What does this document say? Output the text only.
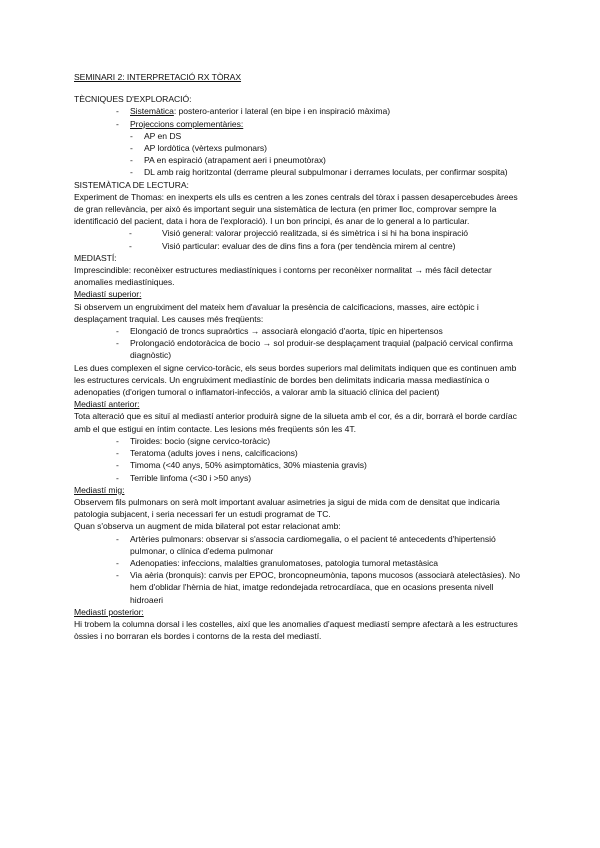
SEMINARI 2: INTERPRETACIÓ RX TÒRAX
TÈCNIQUES D'EXPLORACIÓ:
- Sistemàtica: postero-anterior i lateral (en bipe i en inspiració màxima)
- Projeccions complementàries:
- AP en DS
- AP lordòtica (vèrtexs pulmonars)
- PA en espiració (atrapament aeri i pneumotòrax)
- DL amb raig horitzontal (derrame pleural subpulmonar i derrames loculats, per confirmar sospita)
SISTEMÀTICA DE LECTURA:
Experiment de Thomas: en inexperts els ulls es centren a les zones centrals del tòrax i passen desapercebudes àrees de gran rellevància, per això és important seguir una sistemàtica de lectura (en primer lloc, comprovar sempre la identificació del pacient, data i hora de l'exploració). I un bon principi, és anar de lo general a lo particular.
-	Visió general: valorar projecció realitzada, si és simètrica i si hi ha bona inspiració
-	Visió particular: evaluar des de dins fins a fora (per tendència mirem al centre)
MEDIASTÍ:
Imprescindible: reconèixer estructures mediastíniques i contorns per reconèixer normalitat → més fàcil detectar anomalies mediastíniques.
Mediastí superior:
Si observem un engruiximent del mateix hem d'avaluar la presència de calcificacions, masses, aire ectòpic i desplaçament traquial. Les causes més freqüents:
- Elongació de troncs supraòrtics → associarà elongació d'aorta, típic en hipertensos
- Prolongació endotoràcica de bocio → sol produir-se desplaçament traquial (palpació cervical confirma diagnòstic)
Les dues complexen el signe cervico-toràcic, els seus bordes superiors mal delimitats indiquen que es continuen amb les estructures cervicals. Un engruiximent mediastínic de bordes ben delimitats indicaria massa mediastínica o adenopaties (d'origen tumoral o inflamatori-infecciós, a valorar amb la situació clínica del pacient)
Mediastí anterior:
Tota alteració que es situï al mediastí anterior produirà signe de la silueta amb el cor, és a dir, borrarà el borde cardíac amb el que estigui en íntim contacte. Les lesions més freqüents són les 4T.
- Tiroides: bocio (signe cervico-toràcic)
- Teratoma (adults joves i nens, calcificacions)
- Timoma (<40 anys, 50% asimptomàtics, 30% miastenia gravis)
- Terrible linfoma (<30 i >50 anys)
Mediastí mig:
Observem fils pulmonars on serà molt important avaluar asimetries ja sigui de mida com de densitat que indicaria patologia subjacent, i seria necessari fer un estudi programat de TC.
Quan s'observa un augment de mida bilateral pot estar relacionat amb:
- Artèries pulmonars: observar si s'associa cardiomegalia, o el pacient té antecedents d'hipertensió pulmonar, o clínica d'edema pulmonar
- Adenopaties: infeccions, malalties granulomatoses, patologia tumoral metastàsica
- Via aèria (bronquis): canvis per EPOC, broncopneumònia, tapons mucosos (associarà atelectàsies). No hem d'oblidar l'hèrnia de hiat, imatge redondejada retrocardíaca, que en ocasions presenta nivell hidroaeri
Mediastí posterior:
Hi trobem la columna dorsal i les costelles, així que les anomalies d'aquest mediastí sempre afectarà a les estructures òssies i no borraran els bordes i contorns de la resta del mediastí.
